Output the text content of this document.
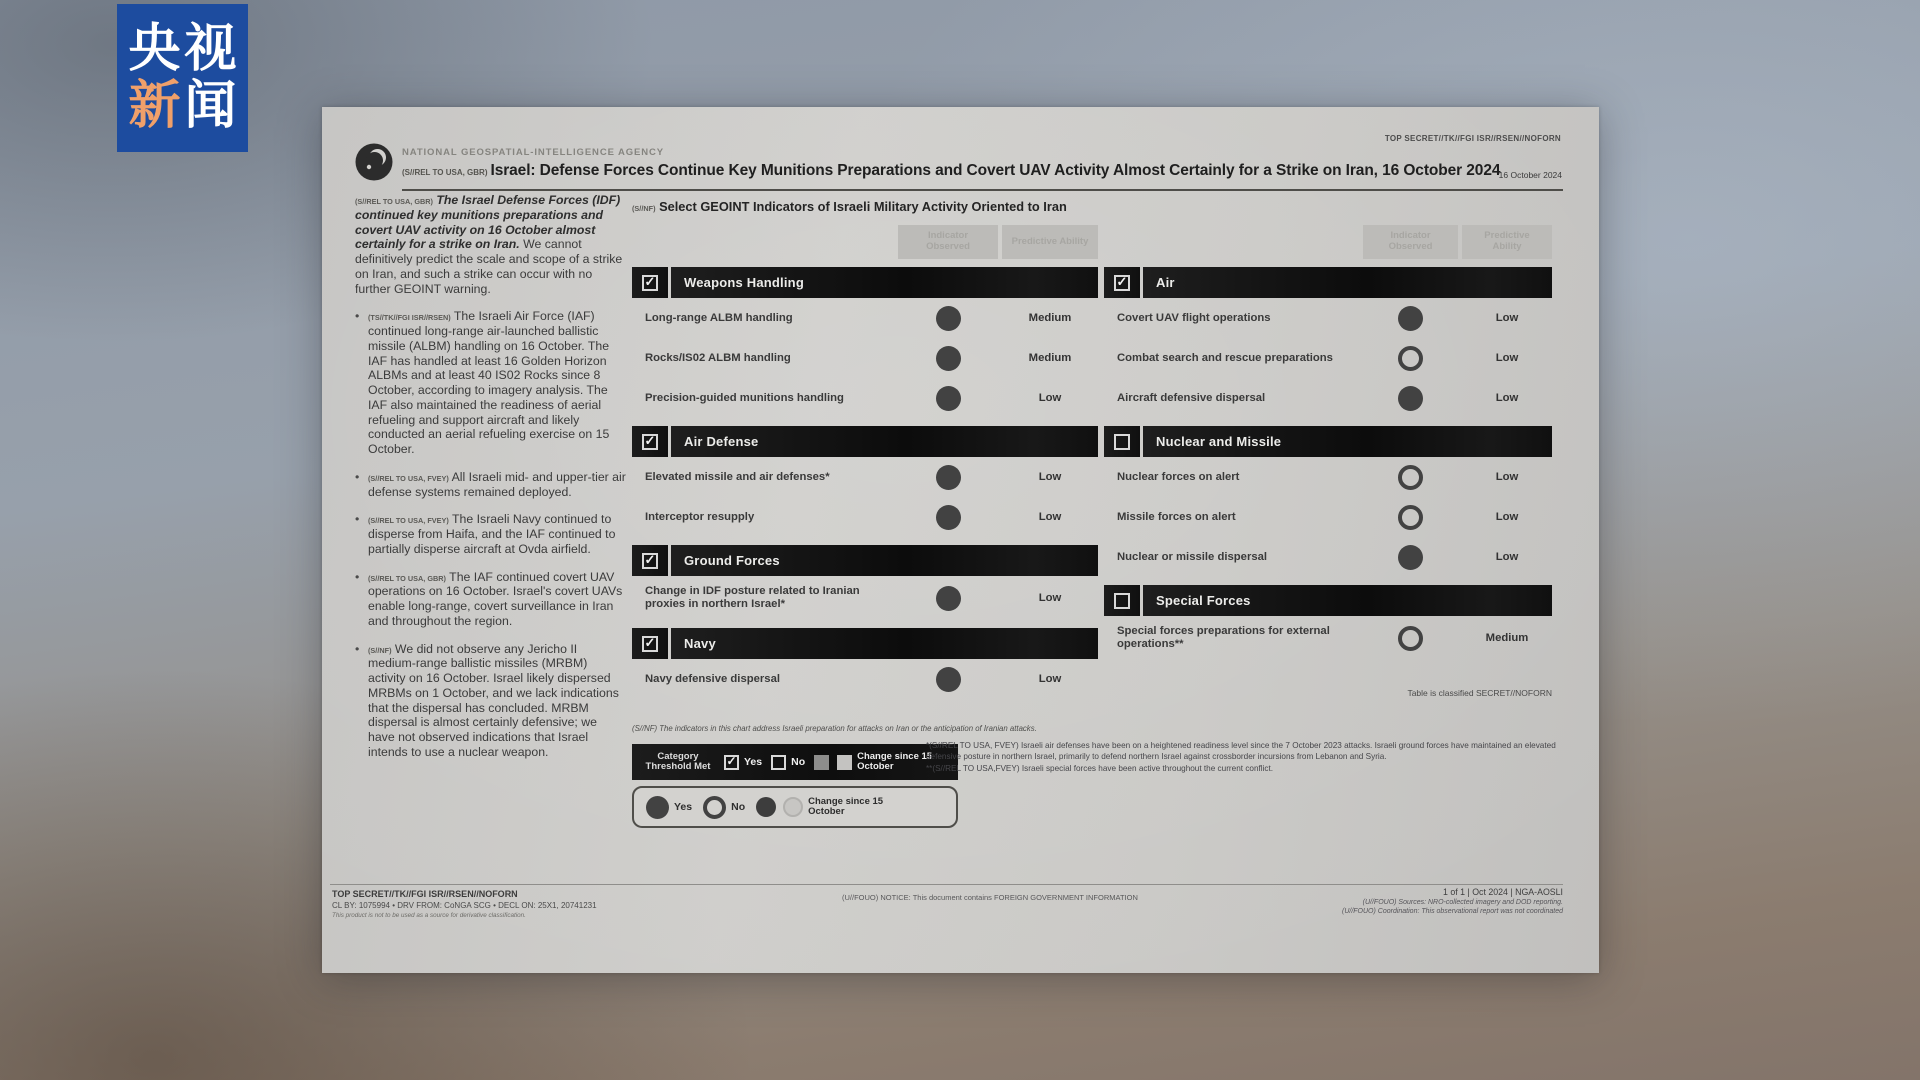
央 视
新 闻
TOP SECRET//TK//FGI ISR//RSEN//NOFORN
NATIONAL GEOSPATIAL-INTELLIGENCE AGENCY
(S//REL TO USA, GBR) Israel: Defense Forces Continue Key Munitions Preparations and Covert UAV Activity Almost Certainly for a Strike on Iran, 16 October 2024
16 October 2024

(S//REL TO USA, GBR) The Israel Defense Forces (IDF) continued key munitions preparations and covert UAV activity on 16 October almost certainly for a strike on Iran. We cannot definitively predict the scale and scope of a strike on Iran, and such a strike can occur with no further GEOINT warning.

• (TS//TK//FGI ISR//RSEN) The Israeli Air Force (IAF) continued long-range air-launched ballistic missile (ALBM) handling on 16 October. The IAF has handled at least 16 Golden Horizon ALBMs and at least 40 IS02 Rocks since 8 October, according to imagery analysis. The IAF also maintained the readiness of aerial refueling and support aircraft and likely conducted an aerial refueling exercise on 15 October.
• (S//REL TO USA, FVEY) All Israeli mid- and upper-tier air defense systems remained deployed.
• (S//REL TO USA, FVEY) The Israeli Navy continued to disperse from Haifa, and the IAF continued to partially disperse aircraft at Ovda airfield.
• (S//REL TO USA, GBR) The IAF continued covert UAV operations on 16 October. Israel's covert UAVs enable long-range, covert surveillance in Iran and throughout the region.
• (S//NF) We did not observe any Jericho II medium-range ballistic missiles (MRBM) activity on 16 October. Israel likely dispersed MRBMs on 1 October, and we lack indications that the dispersal has concluded. MRBM dispersal is almost certainly defensive; we have not observed indications that Israel intends to use a nuclear weapon.
(S//NF) Select GEOINT Indicators of Israeli Military Activity Oriented to Iran
Indicator Observed	Predictive Ability
✓
Weapons Handling
Long-range ALBM handling	Medium
Rocks/IS02 ALBM handling	Medium
Precision-guided munitions handling	Low
✓
Air Defense
Elevated missile and air defenses*	Low
Interceptor resupply	Low
✓
Ground Forces
Change in IDF posture related to Iranian proxies in northern Israel*	Low
✓
Navy
Navy defensive dispersal	Low
Indicator Observed
Predictive Ability
✓
Air
Covert UAV flight operations	Low
Combat search and rescue preparations	Low
Aircraft defensive dispersal	Low
Nuclear and Missile
Nuclear forces on alert	Low
Missile forces on alert	Low
Nuclear or missile dispersal	Low
Special Forces
Special forces preparations for external operations**	Medium
Table is classified SECRET//NOFORN
(S//NF) The indicators in this chart address Israeli preparation for attacks on Iran or the anticipation of Iranian attacks.
Category Threshold Met ✓	Yes	No	Change since 15 October
Yes	No	Change since 15 October
*(S//REL TO USA, FVEY) Israeli air defenses have been on a heightened readiness level since the 7 October 2023 attacks. Israeli ground forces have maintained an elevated defensive posture in northern Israel, primarily to defend northern Israel against crossborder incursions from Lebanon and Syria.
**(S//REL TO USA,FVEY) Israeli special forces have been active throughout the current conflict.
TOP SECRET//TK//FGI ISR//RSEN//NOFORN
CL BY: 1075994 • DRV FROM: CoNGA SCG • DECL ON: 25X1, 20741231
This product is not to be used as a source for derivative classification.
(U//FOUO) NOTICE: This document contains FOREIGN GOVERNMENT INFORMATION
1 of 1 | Oct 2024 | NGA-AOSLI
(U//FOUO) Sources: NRO-collected imagery and DOD reporting.
(U//FOUO) Coordination: This observational report was not coordinated
